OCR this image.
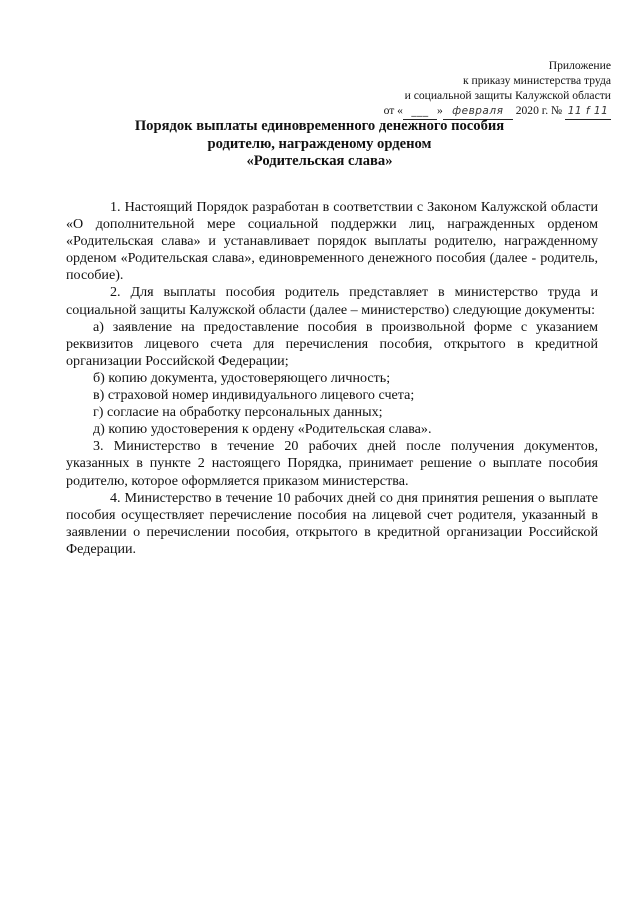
Приложение
к приказу министерства труда
и социальной защиты Калужской области
от « ___ » февраля 2020 г. № 11 f 11
Порядок выплаты единовременного денежного пособия
родителю, награжденому орденом
«Родительская слава»

1. Настоящий Порядок разработан в соответствии с Законом Калужской области «О дополнительной мере социальной поддержки лиц, награжденных орденом «Родительская слава» и устанавливает порядок выплаты родителю, награжденному орденом «Родительская слава», единовременного денежного пособия (далее - родитель, пособие).

2. Для выплаты пособия родитель представляет в министерство труда и социальной защиты Калужской области (далее – министерство) следующие документы:

а) заявление на предоставление пособия в произвольной форме с указанием реквизитов лицевого счета для перечисления пособия, открытого в кредитной организации Российской Федерации;

б) копию документа, удостоверяющего личность;

в) страховой номер индивидуального лицевого счета;

г) согласие на обработку персональных данных;

д) копию удостоверения к ордену «Родительская слава».

3. Министерство в течение 20 рабочих дней после получения документов, указанных в пункте 2 настоящего Порядка, принимает решение о выплате пособия родителю, которое оформляется приказом министерства.

4. Министерство в течение 10 рабочих дней со дня принятия решения о выплате пособия осуществляет перечисление пособия на лицевой счет родителя, указанный в заявлении о перечислении пособия, открытого в кредитной организации Российской Федерации.
